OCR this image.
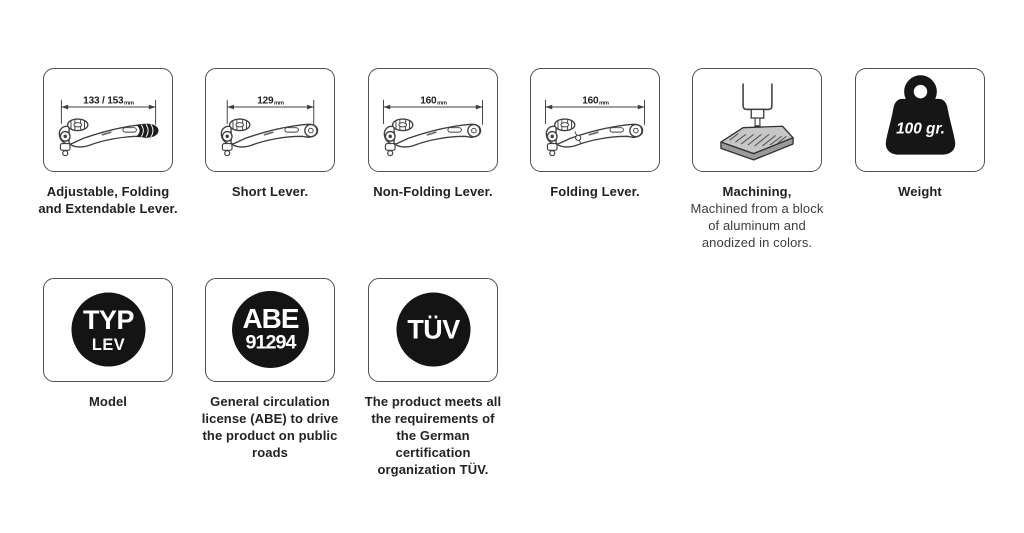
133 / 153mm
Adjustable, Folding
and Extendable Lever.
129mm
Short Lever.
160mm
Non-Folding Lever.
160mm
Folding Lever.	Machining,
Machined from a block
of aluminum and
anodized in colors.
100 gr.
Weight
TYP
LEV
Model
ABE
91294
General circulation
license (ABE) to drive
the product on public
roads
TÜV
The product meets all
the requirements of
the German
certification
organization TÜV.
